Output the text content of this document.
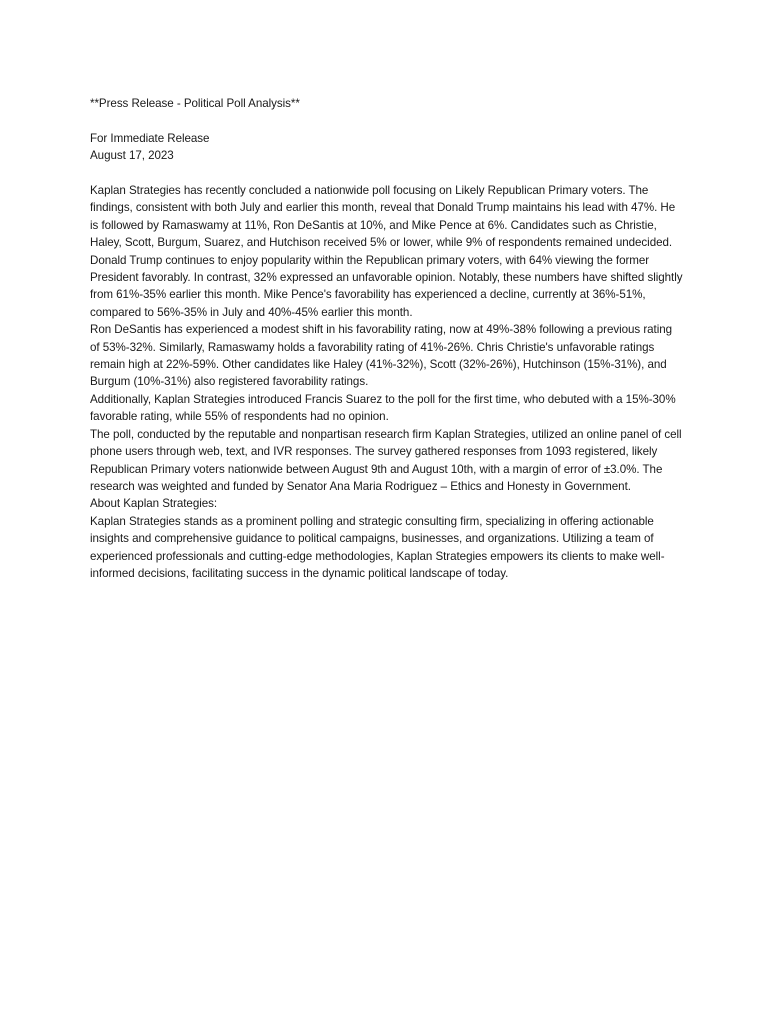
**Press Release - Political Poll Analysis**

For Immediate Release

August 17, 2023

Kaplan Strategies has recently concluded a nationwide poll focusing on Likely Republican Primary voters. The findings, consistent with both July and earlier this month, reveal that Donald Trump maintains his lead with 47%. He is followed by Ramaswamy at 11%, Ron DeSantis at 10%, and Mike Pence at 6%. Candidates such as Christie, Haley, Scott, Burgum, Suarez, and Hutchison received 5% or lower, while 9% of respondents remained undecided.

Donald Trump continues to enjoy popularity within the Republican primary voters, with 64% viewing the former President favorably. In contrast, 32% expressed an unfavorable opinion. Notably, these numbers have shifted slightly from 61%-35% earlier this month. Mike Pence's favorability has experienced a decline, currently at 36%-51%, compared to 56%-35% in July and 40%-45% earlier this month.

Ron DeSantis has experienced a modest shift in his favorability rating, now at 49%-38% following a previous rating of 53%-32%. Similarly, Ramaswamy holds a favorability rating of 41%-26%. Chris Christie's unfavorable ratings remain high at 22%-59%. Other candidates like Haley (41%-32%), Scott (32%-26%), Hutchinson (15%-31%), and Burgum (10%-31%) also registered favorability ratings.

Additionally, Kaplan Strategies introduced Francis Suarez to the poll for the first time, who debuted with a 15%-30% favorable rating, while 55% of respondents had no opinion.

The poll, conducted by the reputable and nonpartisan research firm Kaplan Strategies, utilized an online panel of cell phone users through web, text, and IVR responses. The survey gathered responses from 1093 registered, likely Republican Primary voters nationwide between August 9th and August 10th, with a margin of error of ±3.0%. The research was weighted and funded by Senator Ana Maria Rodriguez – Ethics and Honesty in Government.

About Kaplan Strategies:

Kaplan Strategies stands as a prominent polling and strategic consulting firm, specializing in offering actionable insights and comprehensive guidance to political campaigns, businesses, and organizations. Utilizing a team of experienced professionals and cutting-edge methodologies, Kaplan Strategies empowers its clients to make well-informed decisions, facilitating success in the dynamic political landscape of today.
